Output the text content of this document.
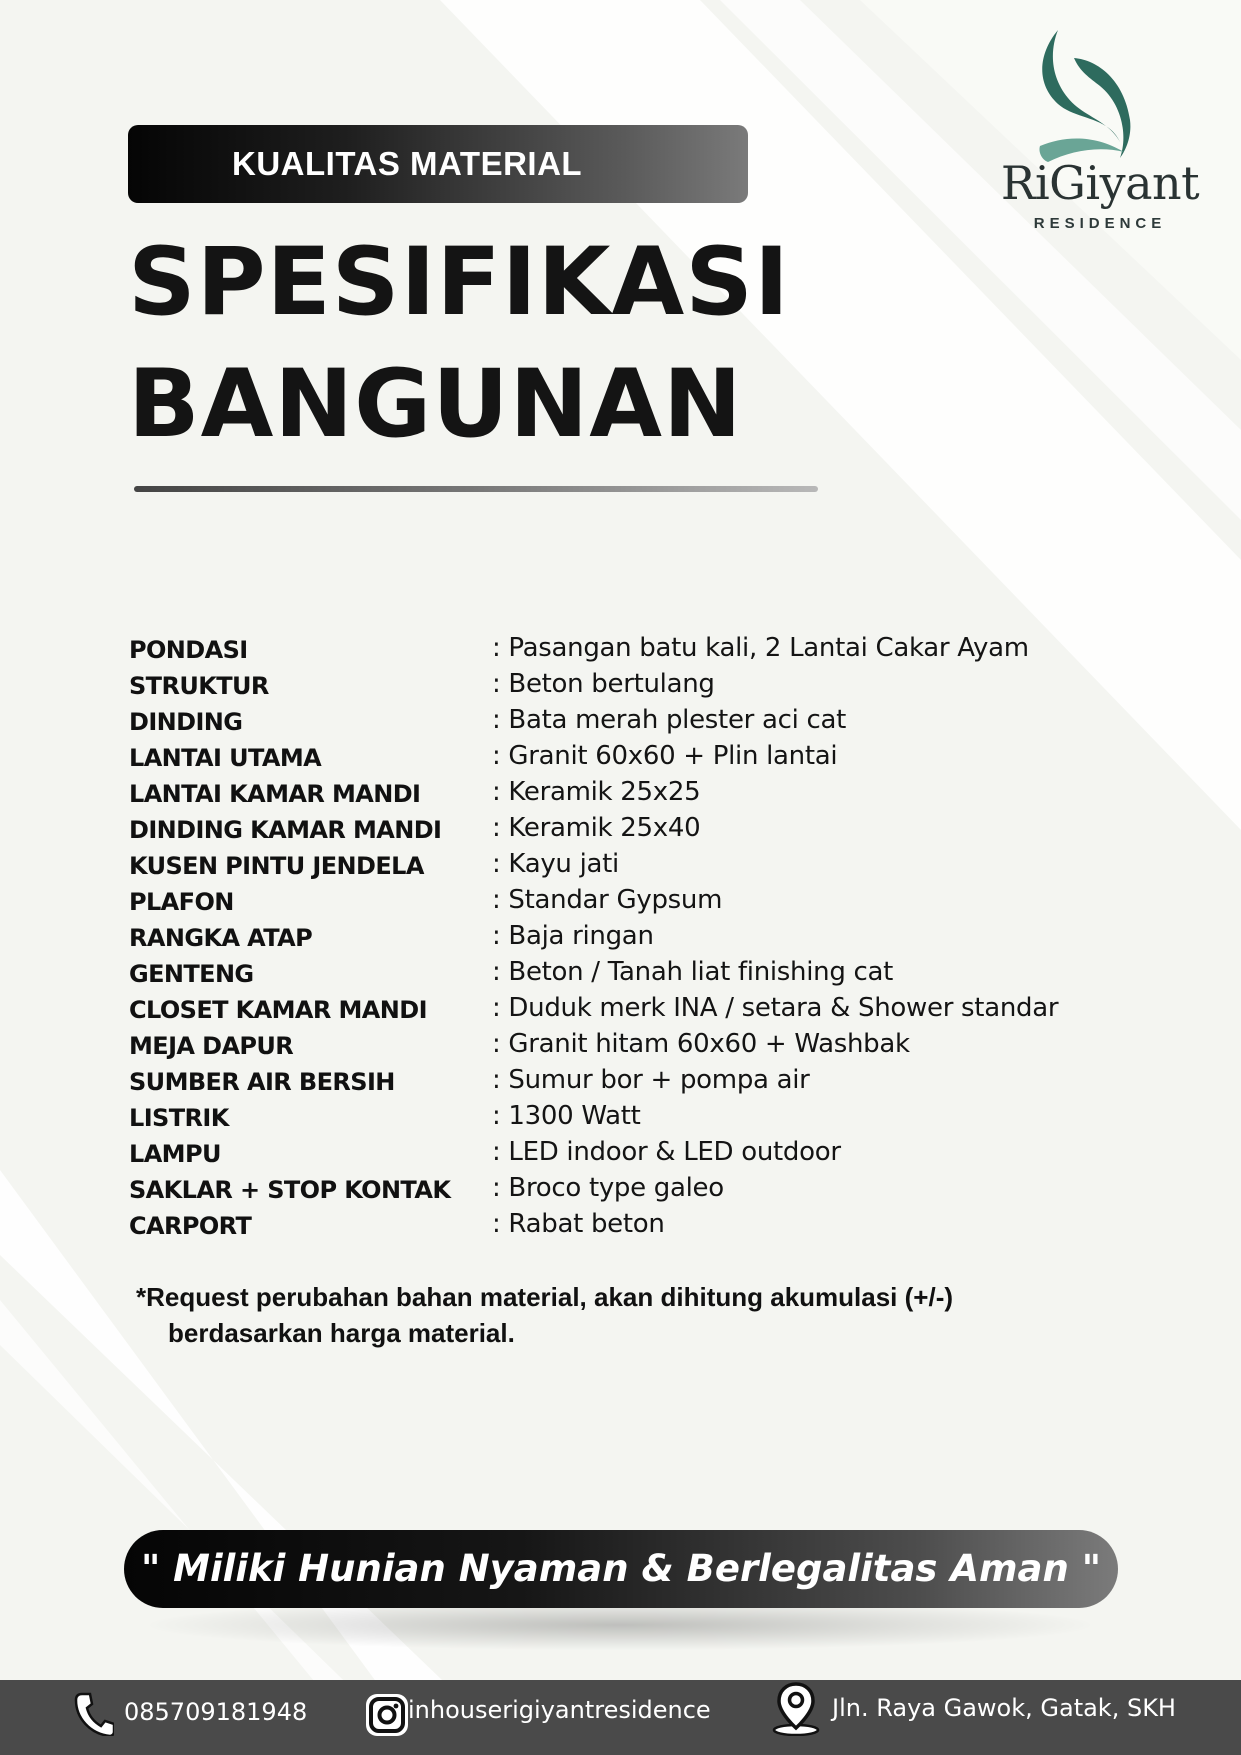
KUALITAS MATERIAL
SPESIFIKASI
BANGUNAN
RiGiyant
RESIDENCE
PONDASI	: Pasangan batu kali, 2 Lantai Cakar Ayam
STRUKTUR	: Beton bertulang
DINDING	: Bata merah plester aci cat
LANTAI UTAMA	: Granit 60x60 + Plin lantai
LANTAI KAMAR MANDI	: Keramik 25x25
DINDING KAMAR MANDI : Keramik 25x40
KUSEN PINTU JENDELA	: Kayu jati
PLAFON	: Standar Gypsum
RANGKA ATAP	: Baja ringan
GENTENG	: Beton / Tanah liat finishing cat
CLOSET KAMAR MANDI	: Duduk merk INA / setara & Shower standar
MEJA DAPUR	: Granit hitam 60x60 + Washbak
SUMBER AIR BERSIH	: Sumur bor + pompa air
LISTRIK	: 1300 Watt
LAMPU	: LED indoor & LED outdoor
SAKLAR + STOP KONTAK : Broco type galeo
CARPORT	: Rabat beton
*Request perubahan bahan material, akan dihitung akumulasi (+/-)
berdasarkan harga material.
" Miliki Hunian Nyaman & Berlegalitas Aman "
085709181948	inhouserigiyantresidence	Jln. Raya Gawok, Gatak, SKH
